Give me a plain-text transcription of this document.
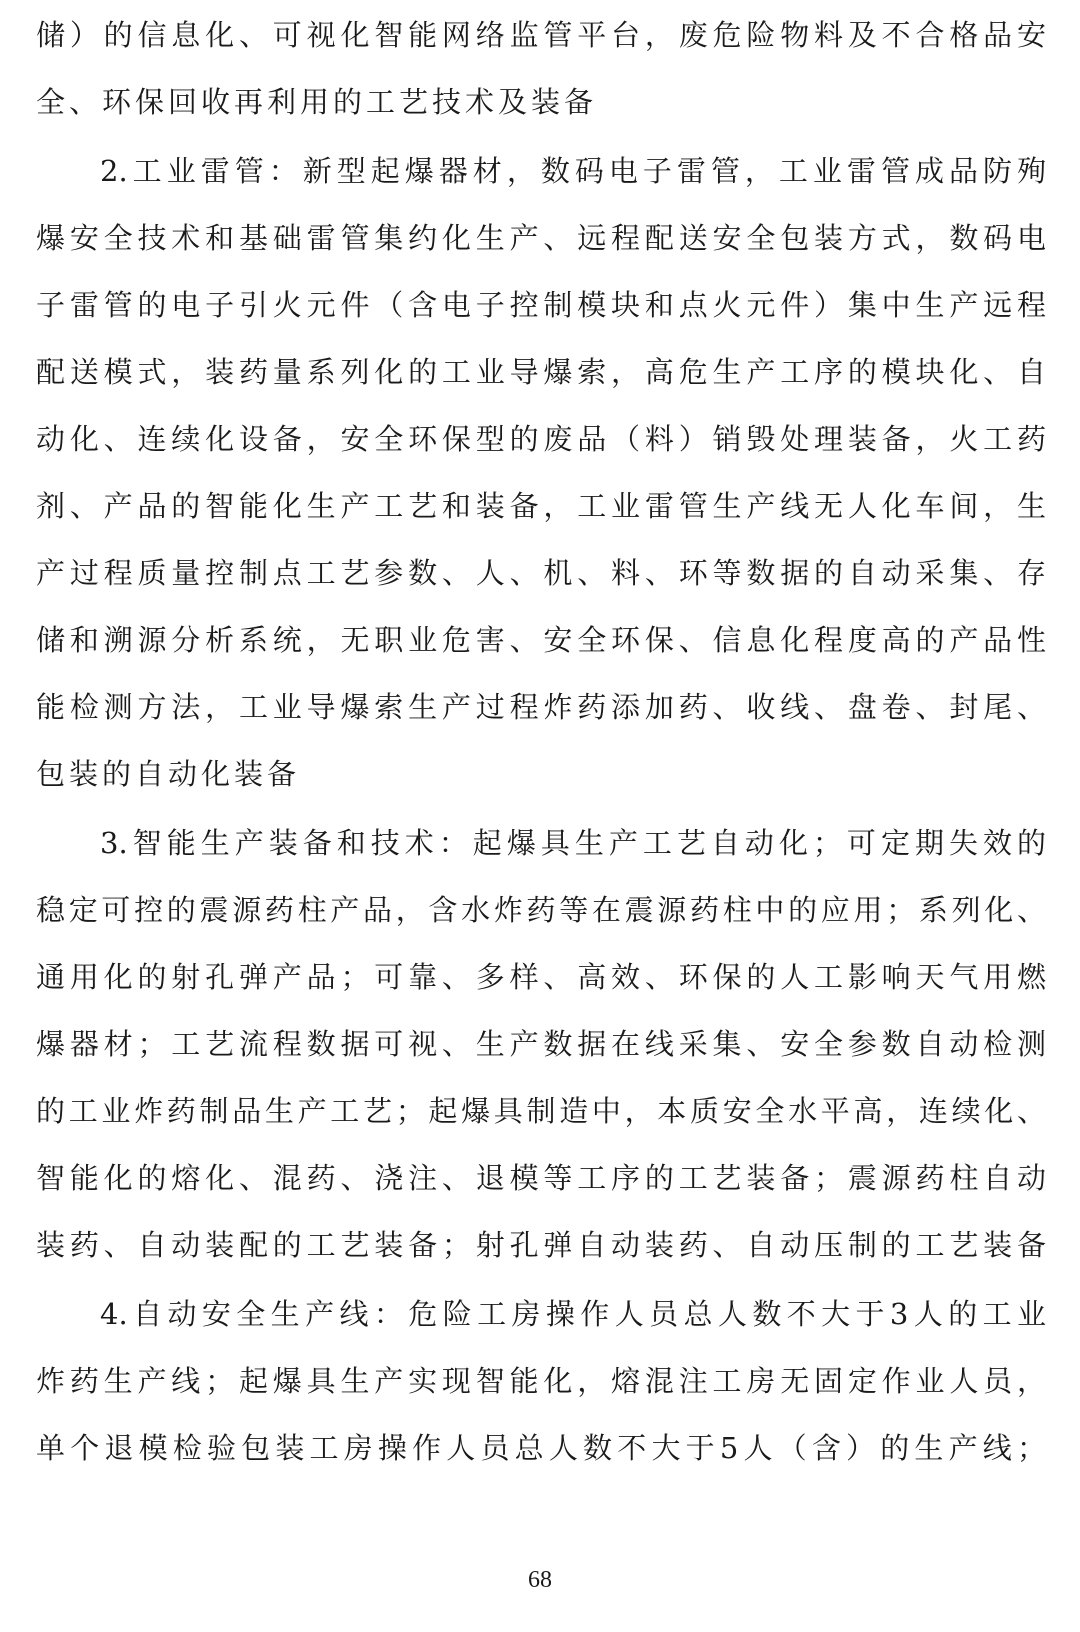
储）的信息化、可视化智能网络监管平台，废危险物料及不合格品安
全、环保回收再利用的工艺技术及装备
2.工业雷管：新型起爆器材，数码电子雷管，工业雷管成品防殉
爆安全技术和基础雷管集约化生产、远程配送安全包装方式，数码电
子雷管的电子引火元件（含电子控制模块和点火元件）集中生产远程
配送模式，装药量系列化的工业导爆索，高危生产工序的模块化、自
动化、连续化设备，安全环保型的废品（料）销毁处理装备，火工药
剂、产品的智能化生产工艺和装备，工业雷管生产线无人化车间，生
产过程质量控制点工艺参数、人、机、料、环等数据的自动采集、存
储和溯源分析系统，无职业危害、安全环保、信息化程度高的产品性
能检测方法，工业导爆索生产过程炸药添加药、收线、盘卷、封尾、
包装的自动化装备
3.智能生产装备和技术：起爆具生产工艺自动化；可定期失效的
稳定可控的震源药柱产品，含水炸药等在震源药柱中的应用；系列化、
通用化的射孔弹产品；可靠、多样、高效、环保的人工影响天气用燃
爆器材；工艺流程数据可视、生产数据在线采集、安全参数自动检测
的工业炸药制品生产工艺；起爆具制造中，本质安全水平高，连续化、
智能化的熔化、混药、浇注、退模等工序的工艺装备；震源药柱自动
装药、自动装配的工艺装备；射孔弹自动装药、自动压制的工艺装备
4.自动安全生产线：危险工房操作人员总人数不大于3人的工业
炸药生产线；起爆具生产实现智能化，熔混注工房无固定作业人员，
单个退模检验包装工房操作人员总人数不大于5人（含）的生产线；
68
